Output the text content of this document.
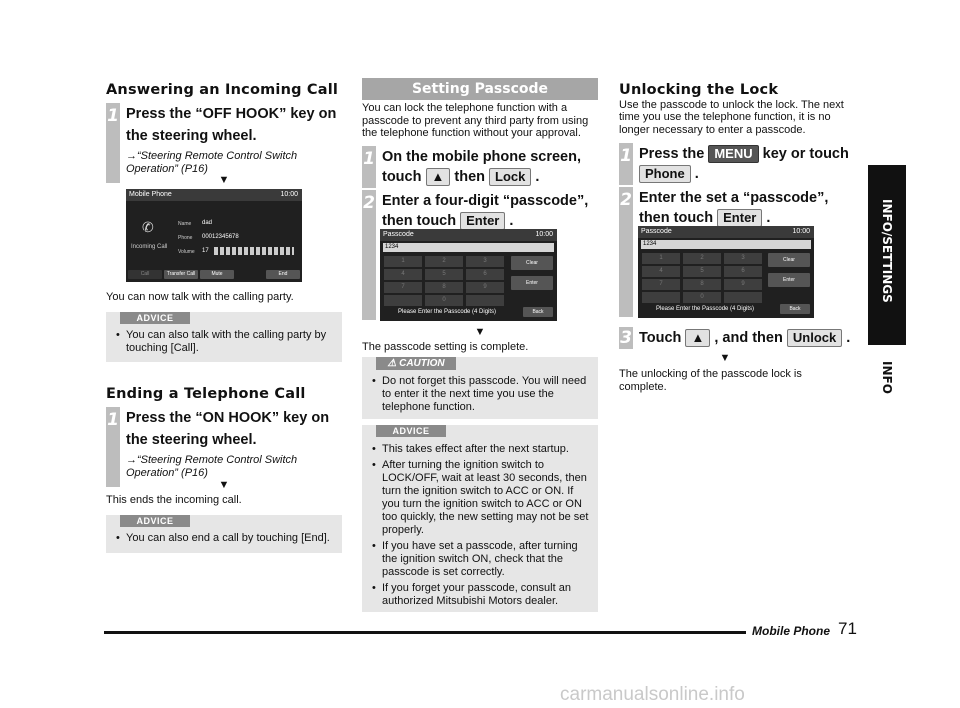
Answering an Incoming Call
1 Press the “OFF HOOK” key on
the steering wheel.
→“Steering Remote Control Switch
Operation” (P16)
▼
Mobile Phone	10:00
✆
Incoming Call
Name dad
Phone 00012345678
Volume 17
Call	Transfer Call	Mute	End
You can now talk with the calling party.
ADVICE
• You can also talk with the calling party by touching [Call].
Ending a Telephone Call
1 Press the “ON HOOK” key on
the steering wheel.
→“Steering Remote Control Switch
Operation” (P16)
▼
This ends the incoming call.
ADVICE
• You can also end a call by touching [End].
Setting Passcode
You can lock the telephone function with a
passcode to prevent any third party from using
the telephone function without your approval.
1 On the mobile phone screen,
touch ▲ then Lock .
2 Enter a four-digit “passcode”,
then touch Enter .
Passcode	10:00
1234
1	2	3
4	5	6
7	8	9
0
Clear
Enter
Back
Please Enter the Passcode (4 Digits)
▼
The passcode setting is complete.
⚠ CAUTION
• Do not forget this passcode. You will need to enter it the next time you use the telephone function.
ADVICE
• This takes effect after the next startup.
• After turning the ignition switch to LOCK/OFF, wait at least 30 seconds, then turn the ignition switch to ACC or ON. If you turn the ignition switch to ACC or ON too quickly, the new setting may not be set properly.
• If you have set a passcode, after turning the ignition switch ON, check that the passcode is set correctly.
• If you forget your passcode, consult an authorized Mitsubishi Motors dealer.
Unlocking the Lock
Use the passcode to unlock the lock. The next
time you use the telephone function, it is no
longer necessary to enter a passcode.
1 Press the MENU key or touch
Phone .
2 Enter the set a “passcode”,
then touch Enter .
Passcode	10:00
1234
1	2	3
4	5	6
7	8	9
0
Clear
Enter
Back
Please Enter the Passcode (4 Digits)
3 Touch ▲ , and then Unlock .
▼
The unlocking of the passcode lock is
complete.
INFO/SETTINGS
INFO
Mobile Phone 71
carmanualsonline.info
